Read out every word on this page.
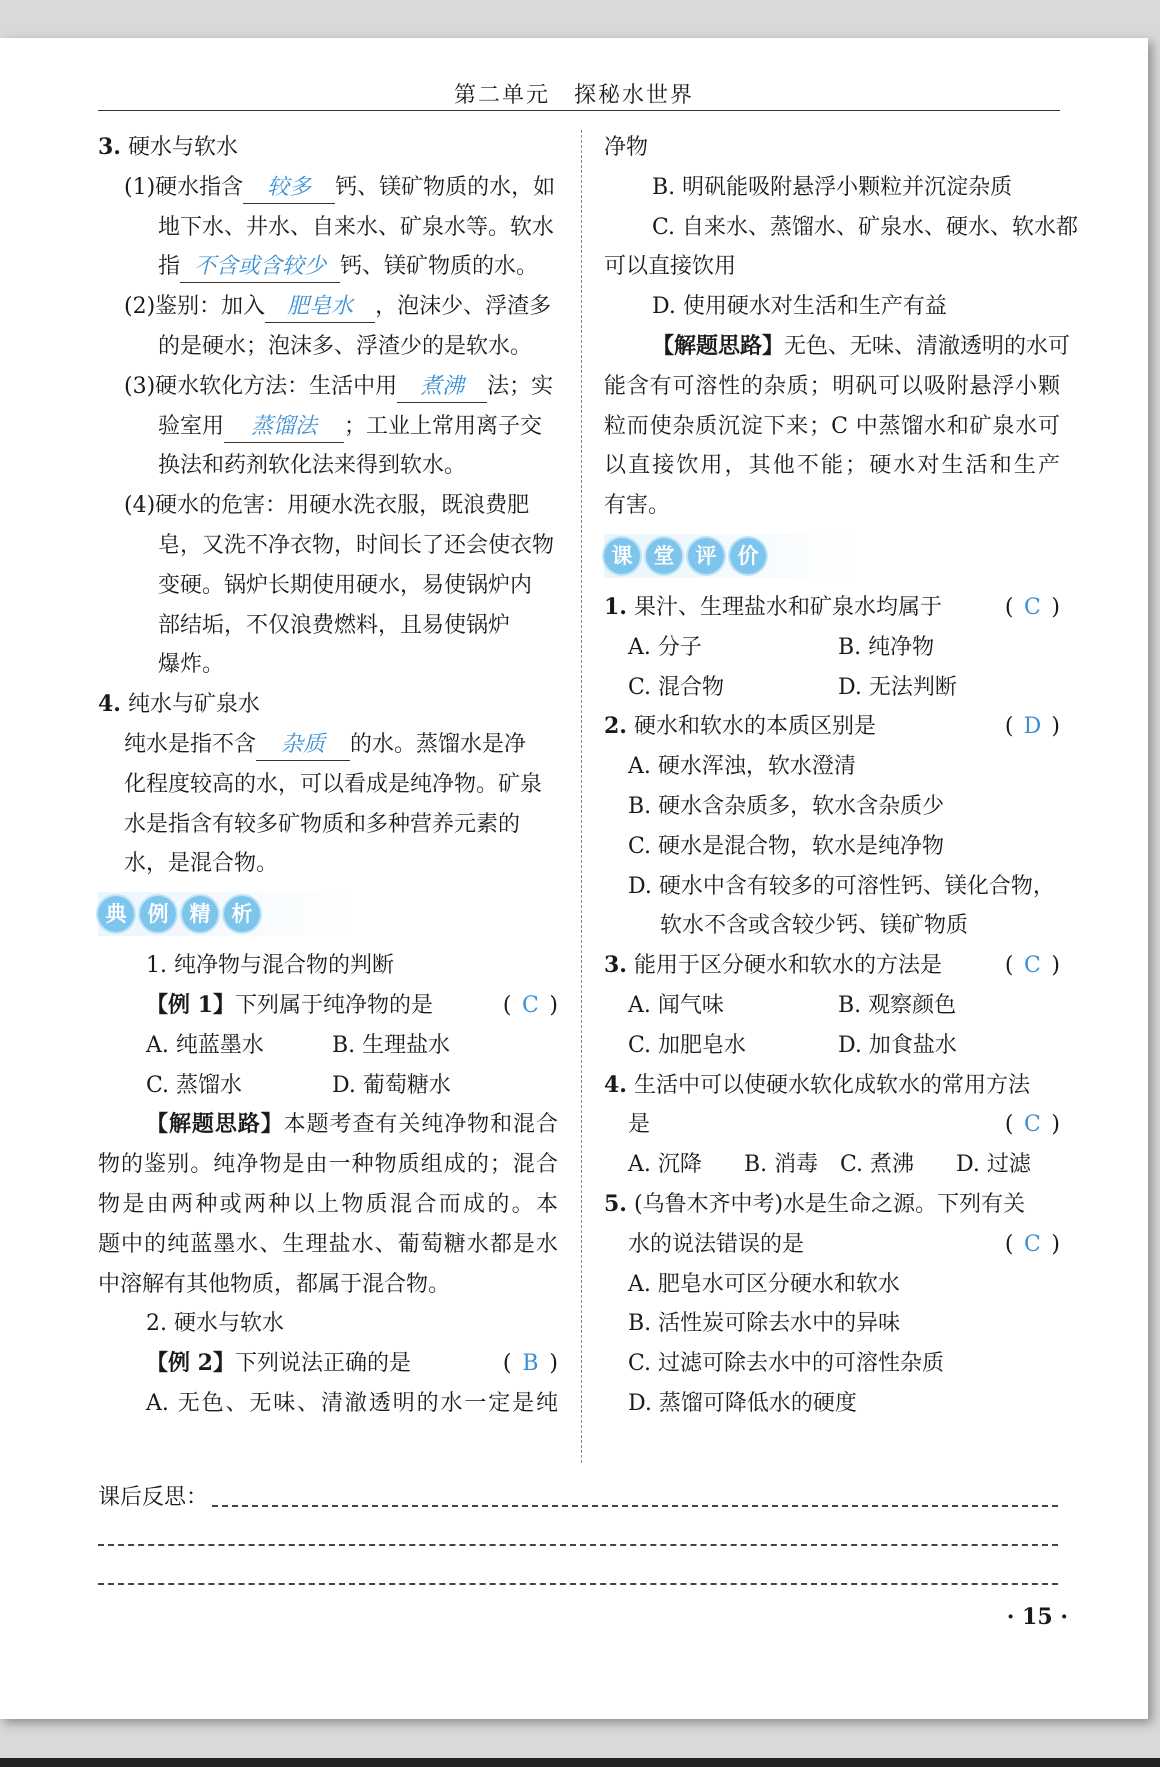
第二单元　探秘水世界
3. 硬水与软水
(1)硬水指含 较多 钙、镁矿物质的水，如
地下水、井水、自来水、矿泉水等。软水
指 不含或含较少 钙、镁矿物质的水。
(2)鉴别：加入 肥皂水 ，泡沫少、浮渣多
的是硬水；泡沫多、浮渣少的是软水。
(3)硬水软化方法：生活中用 煮沸 法；实
验室用 蒸馏法 ；工业上常用离子交
换法和药剂软化法来得到软水。
(4)硬水的危害：用硬水洗衣服，既浪费肥
皂，又洗不净衣物，时间长了还会使衣物
变硬。锅炉长期使用硬水，易使锅炉内
部结垢，不仅浪费燃料，且易使锅炉
爆炸。
4. 纯水与矿泉水
纯水是指不含 杂质 的水。蒸馏水是净
化程度较高的水，可以看成是纯净物。矿泉
水是指含有较多矿物质和多种营养元素的
水，是混合物。
典	例	精	析
1. 纯净物与混合物的判断
【例 1】下列属于纯净物的是	( C )
A. 纯蓝墨水	B. 生理盐水
C. 蒸馏水	D. 葡萄糖水
【解题思路】本题考查有关纯净物和混合
物的鉴别。纯净物是由一种物质组成的；混合
物是由两种或两种以上物质混合而成的。本
题中的纯蓝墨水、生理盐水、葡萄糖水都是水
中溶解有其他物质，都属于混合物。
2. 硬水与软水
【例 2】下列说法正确的是	( B )
A. 无色、无味、清澈透明的水一定是纯
净物
B. 明矾能吸附悬浮小颗粒并沉淀杂质
C. 自来水、蒸馏水、矿泉水、硬水、软水都
可以直接饮用
D. 使用硬水对生活和生产有益
【解题思路】无色、无味、清澈透明的水可
能含有可溶性的杂质；明矾可以吸附悬浮小颗
粒而使杂质沉淀下来；C 中蒸馏水和矿泉水可
以直接饮用，其他不能；硬水对生活和生产
有害。
课	堂	评	价
1. 果汁、生理盐水和矿泉水均属于	( C )
A. 分子	B. 纯净物
C. 混合物	D. 无法判断
2. 硬水和软水的本质区别是	( D )
A. 硬水浑浊，软水澄清
B. 硬水含杂质多，软水含杂质少
C. 硬水是混合物，软水是纯净物
D. 硬水中含有较多的可溶性钙、镁化合物，
软水不含或含较少钙、镁矿物质
3. 能用于区分硬水和软水的方法是	( C )
A. 闻气味	B. 观察颜色
C. 加肥皂水	D. 加食盐水
4. 生活中可以使硬水软化成软水的常用方法
是	( C )
A. 沉降 B. 消毒 C. 煮沸 D. 过滤
5. (乌鲁木齐中考)水是生命之源。下列有关
水的说法错误的是	( C )
A. 肥皂水可区分硬水和软水
B. 活性炭可除去水中的异味
C. 过滤可除去水中的可溶性杂质
D. 蒸馏可降低水的硬度
课后反思：
· 15 ·
